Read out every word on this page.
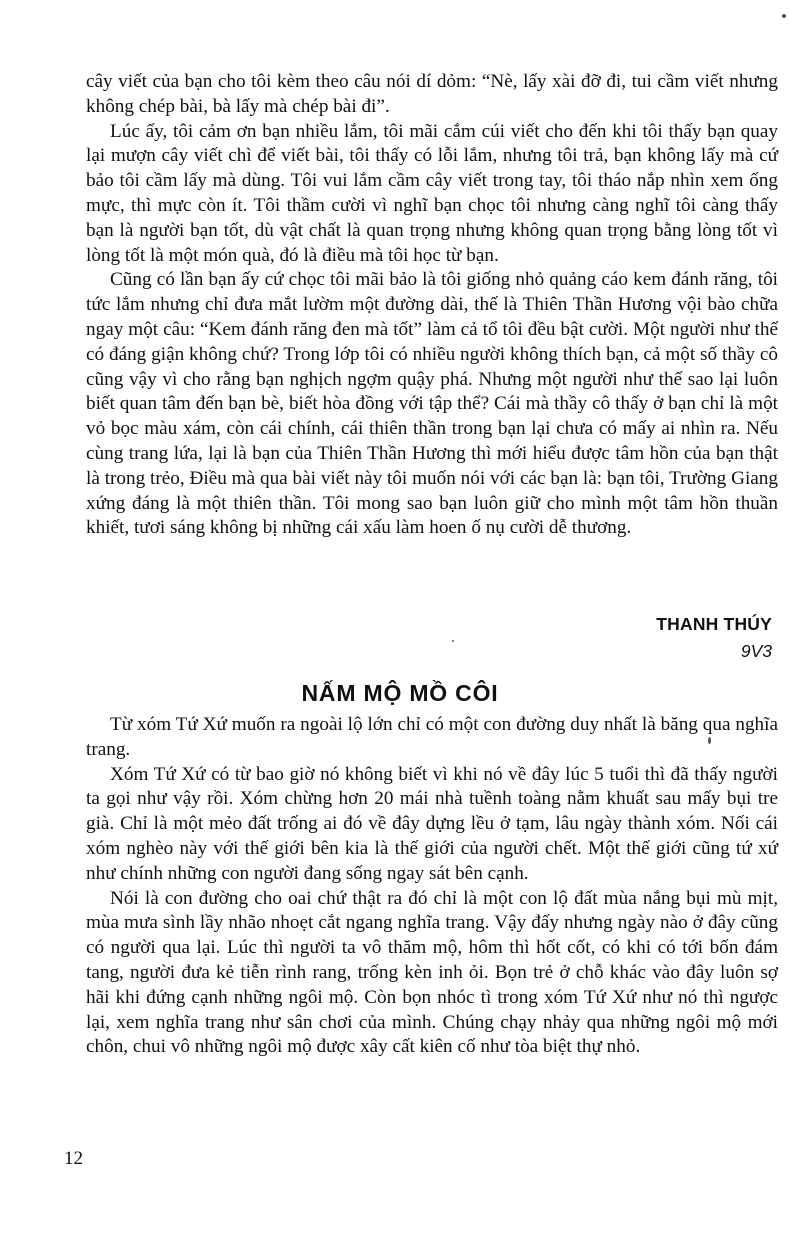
cây viết của bạn cho tôi kèm theo câu nói dí dỏm: “Nè, lấy xài đỡ đi, tui cầm viết nhưng không chép bài, bà lấy mà chép bài đi”.

Lúc ấy, tôi cảm ơn bạn nhiều lắm, tôi mãi cắm cúi viết cho đến khi tôi thấy bạn quay lại mượn cây viết chì để viết bài, tôi thấy có lỗi lắm, nhưng tôi trả, bạn không lấy mà cứ bảo tôi cầm lấy mà dùng. Tôi vui lắm cầm cây viết trong tay, tôi tháo nắp nhìn xem ống mực, thì mực còn ít. Tôi thầm cười vì nghĩ bạn chọc tôi nhưng càng nghĩ tôi càng thấy bạn là người bạn tốt, dù vật chất là quan trọng nhưng không quan trọng bằng lòng tốt vì lòng tốt là một món quà, đó là điều mà tôi học từ bạn.

Cũng có lần bạn ấy cứ chọc tôi mãi bảo là tôi giống nhỏ quảng cáo kem đánh răng, tôi tức lắm nhưng chỉ đưa mắt lườm một đường dài, thế là Thiên Thần Hương vội bào chữa ngay một câu: “Kem đánh răng đen mà tốt” làm cả tổ tôi đều bật cười. Một người như thế có đáng giận không chứ? Trong lớp tôi có nhiều người không thích bạn, cả một số thầy cô cũng vậy vì cho rằng bạn nghịch ngợm quậy phá. Nhưng một người như thế sao lại luôn biết quan tâm đến bạn bè, biết hòa đồng với tập thể? Cái mà thầy cô thấy ở bạn chỉ là một vỏ bọc màu xám, còn cái chính, cái thiên thần trong bạn lại chưa có mấy ai nhìn ra. Nếu cùng trang lứa, lại là bạn của Thiên Thần Hương thì mới hiểu được tâm hồn của bạn thật là trong trẻo, Điều mà qua bài viết này tôi muốn nói với các bạn là: bạn tôi, Trường Giang xứng đáng là một thiên thần. Tôi mong sao bạn luôn giữ cho mình một tâm hồn thuần khiết, tươi sáng không bị những cái xấu làm hoen ố nụ cười dễ thương.

THANH THÚY
9V3
NẤM MỘ MỒ CÔI

Từ xóm Tứ Xứ muốn ra ngoài lộ lớn chỉ có một con đường duy nhất là băng qua nghĩa trang.

Xóm Tứ Xứ có từ bao giờ nó không biết vì khi nó về đây lúc 5 tuổi thì đã thấy người ta gọi như vậy rồi. Xóm chừng hơn 20 mái nhà tuềnh toàng nằm khuất sau mấy bụi tre già. Chỉ là một mẻo đất trống ai đó về đây dựng lều ở tạm, lâu ngày thành xóm. Nối cái xóm nghèo này với thế giới bên kia là thế giới của người chết. Một thế giới cũng tứ xứ như chính những con người đang sống ngay sát bên cạnh.

Nói là con đường cho oai chứ thật ra đó chỉ là một con lộ đất mùa nắng bụi mù mịt, mùa mưa sình lầy nhão nhoẹt cắt ngang nghĩa trang. Vậy đấy nhưng ngày nào ở đây cũng có người qua lại. Lúc thì người ta vô thăm mộ, hôm thì hốt cốt, có khi có tới bốn đám tang, người đưa kẻ tiễn rình rang, trống kèn inh ỏi. Bọn trẻ ở chỗ khác vào đây luôn sợ hãi khi đứng cạnh những ngôi mộ. Còn bọn nhóc tì trong xóm Tứ Xứ như nó thì ngược lại, xem nghĩa trang như sân chơi của mình. Chúng chạy nhảy qua những ngôi mộ mới chôn, chui vô những ngôi mộ được xây cất kiên cố như tòa biệt thự nhỏ.

12
